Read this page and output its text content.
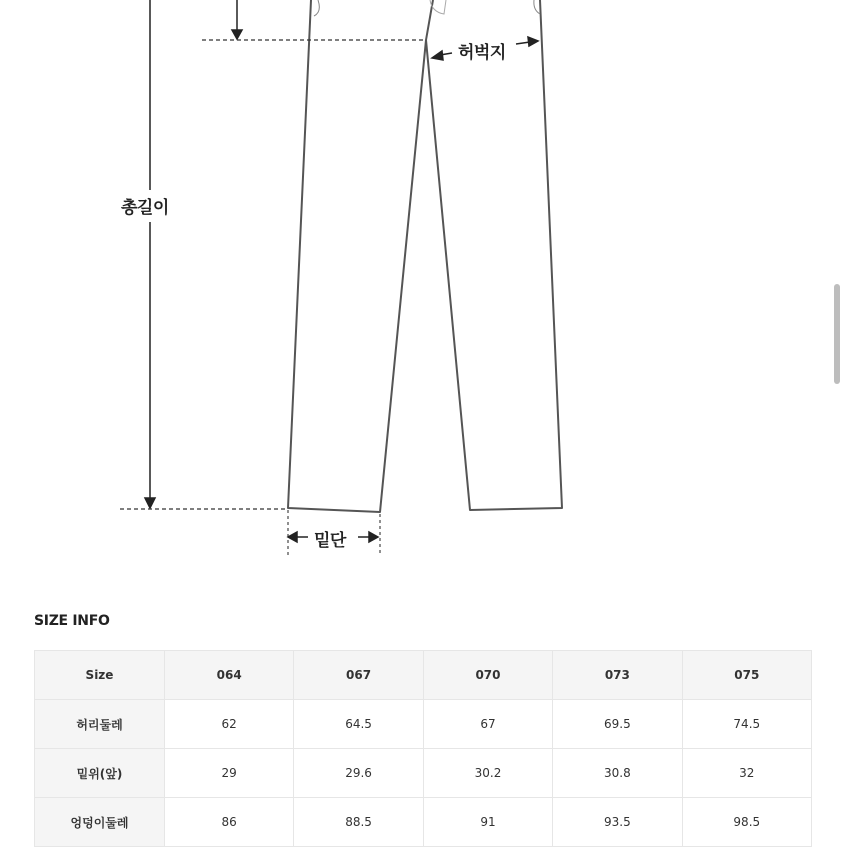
총길이
허벅지
밑단
SIZE INFO
Size	064	067	070	073	075
허리둘레	62	64.5	67	69.5	74.5
밑위(앞)	29	29.6	30.2	30.8	32
엉덩이둘레	86	88.5	91	93.5	98.5
